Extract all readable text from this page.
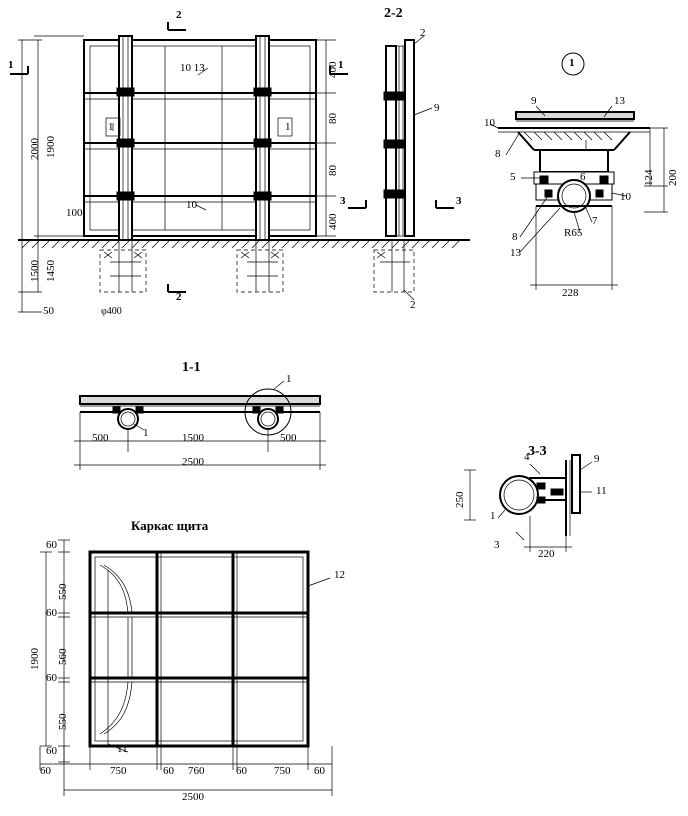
2-2
1-1
3-3
Каркас щита
2
1
2
1
3	3
2000 1900
1500 1450
50
100
400
80
80
400
1	1
10 13
10
φ400
2
2
9
1
9	13
10
8
5	6
10
8
7
13
R65
124 200
228
1
1
500	1500	500
2500	4	9
11
1
3
250
220
60
550
60
560
60
550
60
1900
60	750	60 760	60 750 60
2500
12
11
